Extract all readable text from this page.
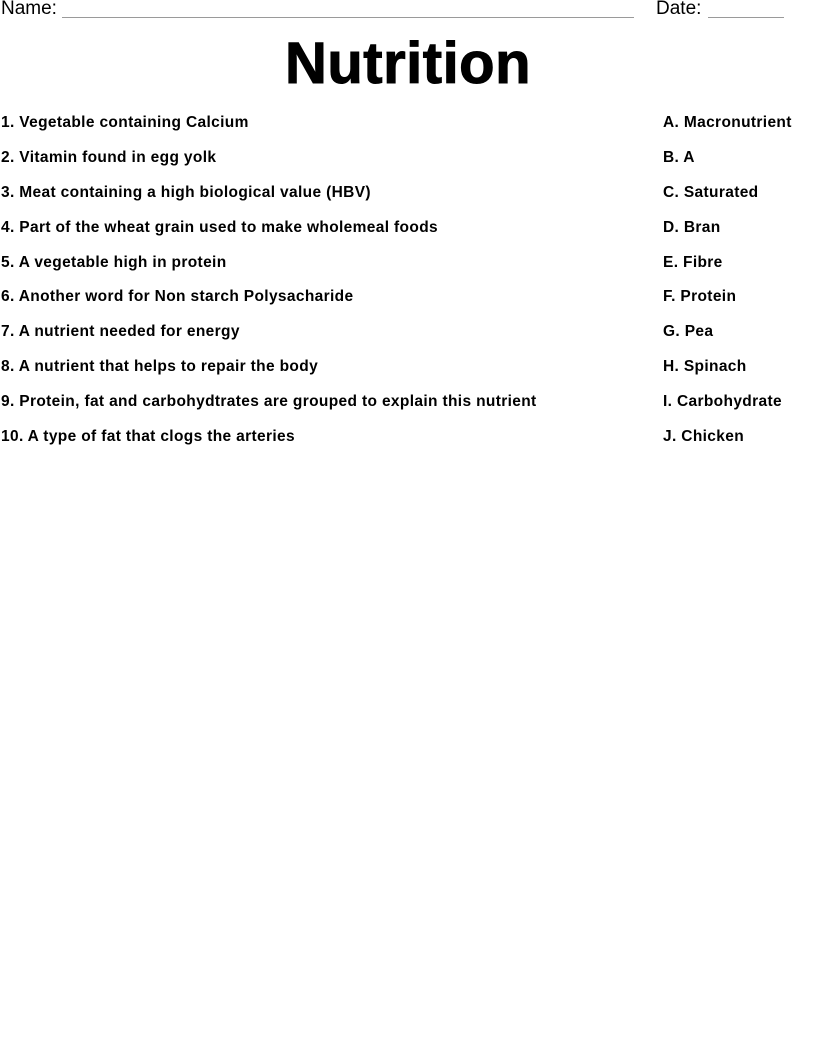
Name:	Date:
Nutrition
1. Vegetable containing Calcium	A. Macronutrient
2. Vitamin found in egg yolk	B. A
3. Meat containing a high biological value (HBV)	C. Saturated
4. Part of the wheat grain used to make wholemeal foods	D. Bran
5. A vegetable high in protein	E. Fibre
6. Another word for Non starch Polysacharide	F. Protein
7. A nutrient needed for energy	G. Pea
8. A nutrient that helps to repair the body	H. Spinach
9. Protein, fat and carbohydtrates are grouped to explain this nutrient	I. Carbohydrate
10. A type of fat that clogs the arteries	J. Chicken
